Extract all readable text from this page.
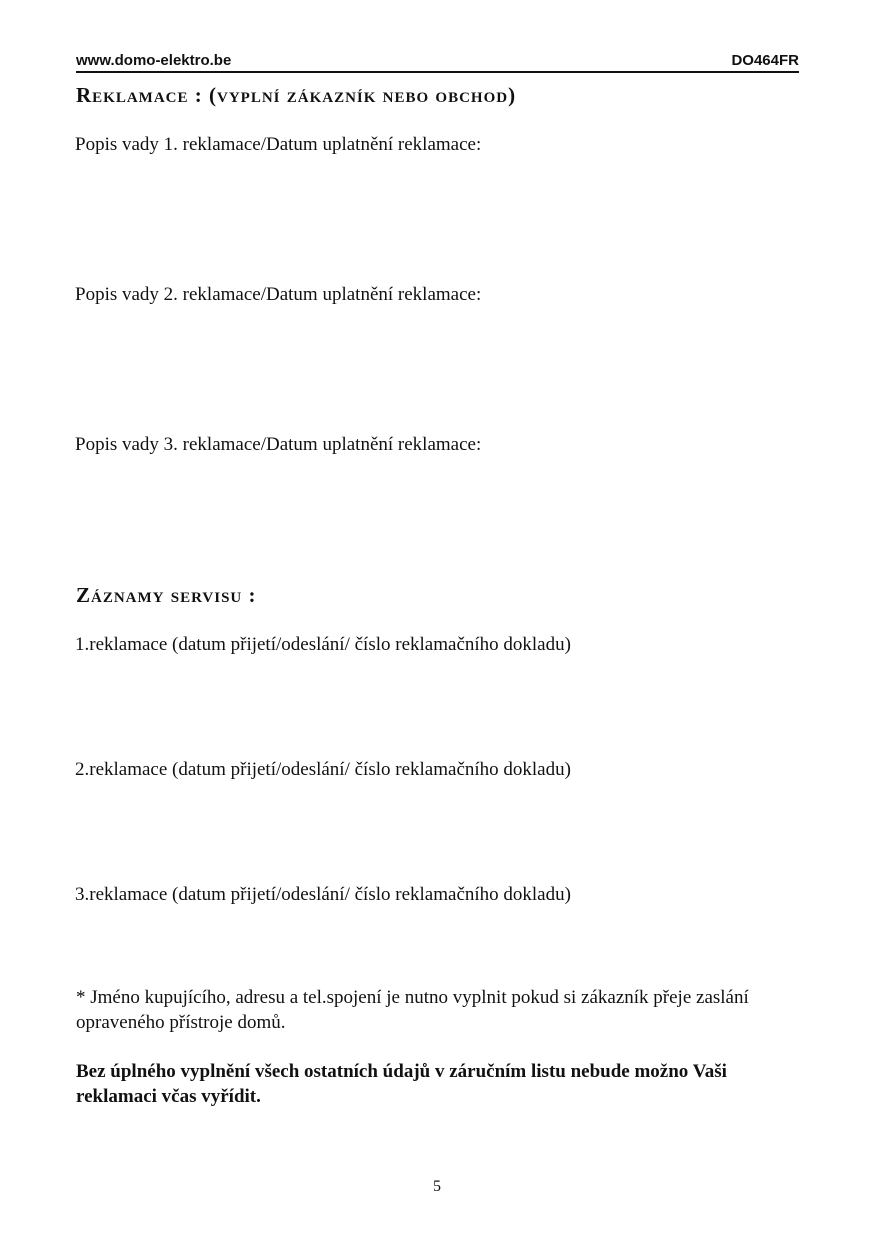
www.domo-elektro.be	DO464FR
Reklamace : (vyplní zákazník nebo obchod)
Popis vady 1. reklamace/Datum uplatnění reklamace:
Popis vady 2. reklamace/Datum uplatnění reklamace:
Popis vady 3. reklamace/Datum uplatnění reklamace:
Záznamy servisu :
1.reklamace (datum přijetí/odeslání/ číslo reklamačního dokladu)
2.reklamace (datum přijetí/odeslání/ číslo reklamačního dokladu)
3.reklamace (datum přijetí/odeslání/ číslo reklamačního dokladu)
* Jméno kupujícího, adresu a tel.spojení je nutno vyplnit pokud si zákazník přeje zaslání opraveného přístroje domů.
Bez úplného vyplnění všech ostatních údajů v záručním listu nebude možno Vaši reklamaci včas vyřídit.
5
